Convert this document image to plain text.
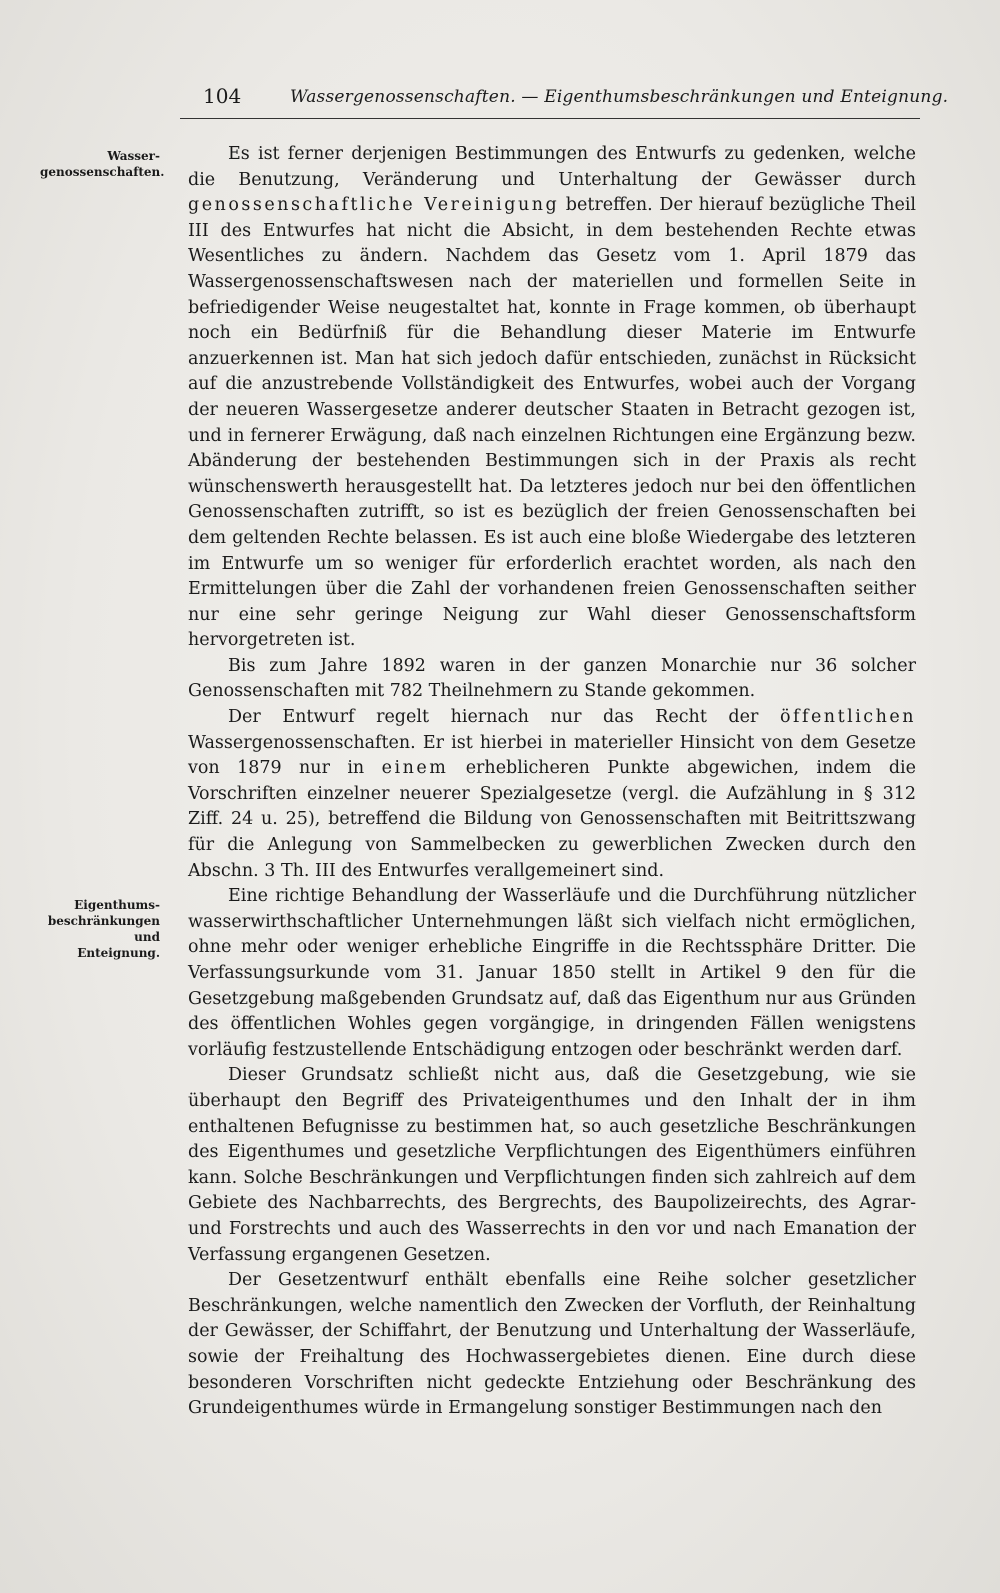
104	Wassergenossenschaften. — Eigenthumsbeschränkungen und Enteignung.
Wasser-
genossenschaften.
Eigenthums-
beschränkungen und
Enteignung.

Es ist ferner derjenigen Bestimmungen des Entwurfs zu gedenken, welche die Benutzung, Veränderung und Unterhaltung der Gewässer durch genossenschaftliche Vereinigung betreffen. Der hierauf bezügliche Theil III des Entwurfes hat nicht die Absicht, in dem bestehenden Rechte etwas Wesentliches zu ändern. Nachdem das Gesetz vom 1. April 1879 das Wassergenossenschaftswesen nach der materiellen und formellen Seite in befriedigender Weise neugestaltet hat, konnte in Frage kommen, ob überhaupt noch ein Bedürfniß für die Behandlung dieser Materie im Entwurfe anzuerkennen ist. Man hat sich jedoch dafür entschieden, zunächst in Rücksicht auf die anzustrebende Vollständigkeit des Entwurfes, wobei auch der Vorgang der neueren Wassergesetze anderer deutscher Staaten in Betracht gezogen ist, und in fernerer Erwägung, daß nach einzelnen Richtungen eine Ergänzung bezw. Abänderung der bestehenden Bestimmungen sich in der Praxis als recht wünschenswerth herausgestellt hat. Da letzteres jedoch nur bei den öffentlichen Genossenschaften zutrifft, so ist es bezüglich der freien Genossenschaften bei dem geltenden Rechte belassen. Es ist auch eine bloße Wiedergabe des letzteren im Entwurfe um so weniger für erforderlich erachtet worden, als nach den Ermittelungen über die Zahl der vorhandenen freien Genossenschaften seither nur eine sehr geringe Neigung zur Wahl dieser Genossenschaftsform hervorgetreten ist.

Bis zum Jahre 1892 waren in der ganzen Monarchie nur 36 solcher Genossenschaften mit 782 Theilnehmern zu Stande gekommen.

Der Entwurf regelt hiernach nur das Recht der öffentlichen Wassergenossenschaften. Er ist hierbei in materieller Hinsicht von dem Gesetze von 1879 nur in einem erheblicheren Punkte abgewichen, indem die Vorschriften einzelner neuerer Spezialgesetze (vergl. die Aufzählung in § 312 Ziff. 24 u. 25), betreffend die Bildung von Genossenschaften mit Beitrittszwang für die Anlegung von Sammelbecken zu gewerblichen Zwecken durch den Abschn. 3 Th. III des Entwurfes verallgemeinert sind.

Eine richtige Behandlung der Wasserläufe und die Durchführung nützlicher wasserwirthschaftlicher Unternehmungen läßt sich vielfach nicht ermöglichen, ohne mehr oder weniger erhebliche Eingriffe in die Rechtssphäre Dritter. Die Verfassungsurkunde vom 31. Januar 1850 stellt in Artikel 9 den für die Gesetzgebung maßgebenden Grundsatz auf, daß das Eigenthum nur aus Gründen des öffentlichen Wohles gegen vorgängige, in dringenden Fällen wenigstens vorläufig festzustellende Entschädigung entzogen oder beschränkt werden darf.

Dieser Grundsatz schließt nicht aus, daß die Gesetzgebung, wie sie überhaupt den Begriff des Privateigenthumes und den Inhalt der in ihm enthaltenen Befugnisse zu bestimmen hat, so auch gesetzliche Beschränkungen des Eigenthumes und gesetzliche Verpflichtungen des Eigenthümers einführen kann. Solche Beschränkungen und Verpflichtungen finden sich zahlreich auf dem Gebiete des Nachbarrechts, des Bergrechts, des Baupolizeirechts, des Agrar- und Forstrechts und auch des Wasserrechts in den vor und nach Emanation der Verfassung ergangenen Gesetzen.

Der Gesetzentwurf enthält ebenfalls eine Reihe solcher gesetzlicher Beschränkungen, welche namentlich den Zwecken der Vorfluth, der Reinhaltung der Gewässer, der Schiffahrt, der Benutzung und Unterhaltung der Wasserläufe, sowie der Freihaltung des Hochwassergebietes dienen. Eine durch diese besonderen Vorschriften nicht gedeckte Entziehung oder Beschränkung des Grundeigenthumes würde in Ermangelung sonstiger Bestimmungen nach den
